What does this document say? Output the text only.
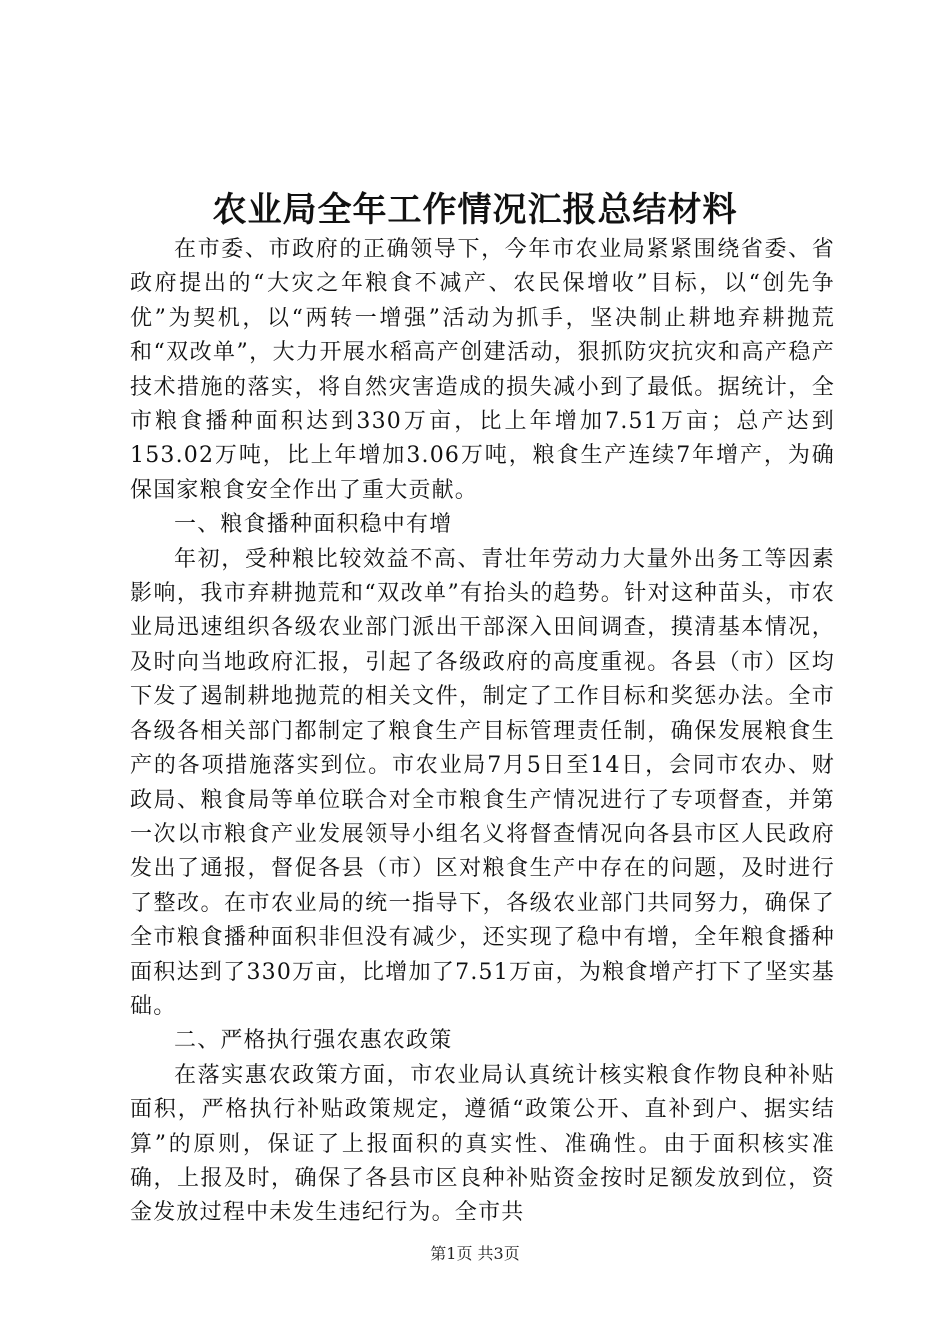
农业局全年工作情况汇报总结材料

在市委、市政府的正确领导下，今年市农业局紧紧围绕省委、省政府提出的“大灾之年粮食不减产、农民保增收”目标，以“创先争优”为契机，以“两转一增强”活动为抓手，坚决制止耕地弃耕抛荒和“双改单”，大力开展水稻高产创建活动，狠抓防灾抗灾和高产稳产技术措施的落实，将自然灾害造成的损失减小到了最低。据统计，全市粮食播种面积达到330万亩，比上年增加7.51万亩；总产达到153.02万吨，比上年增加3.06万吨，粮食生产连续7年增产，为确保国家粮食安全作出了重大贡献。

一、粮食播种面积稳中有增

年初，受种粮比较效益不高、青壮年劳动力大量外出务工等因素影响，我市弃耕抛荒和“双改单”有抬头的趋势。针对这种苗头，市农业局迅速组织各级农业部门派出干部深入田间调查，摸清基本情况，及时向当地政府汇报，引起了各级政府的高度重视。各县（市）区均下发了遏制耕地抛荒的相关文件，制定了工作目标和奖惩办法。全市各级各相关部门都制定了粮食生产目标管理责任制，确保发展粮食生产的各项措施落实到位。市农业局7月5日至14日，会同市农办、财政局、粮食局等单位联合对全市粮食生产情况进行了专项督查，并第一次以市粮食产业发展领导小组名义将督查情况向各县市区人民政府发出了通报，督促各县（市）区对粮食生产中存在的问题，及时进行了整改。在市农业局的统一指导下，各级农业部门共同努力，确保了全市粮食播种面积非但没有减少，还实现了稳中有增，全年粮食播种面积达到了330万亩，比增加了7.51万亩，为粮食增产打下了坚实基础。

二、严格执行强农惠农政策

在落实惠农政策方面，市农业局认真统计核实粮食作物良种补贴面积，严格执行补贴政策规定，遵循“政策公开、直补到户、据实结算”的原则，保证了上报面积的真实性、准确性。由于面积核实准确，上报及时，确保了各县市区良种补贴资金按时足额发放到位，资金发放过程中未发生违纪行为。全市共

第1页 共3页
